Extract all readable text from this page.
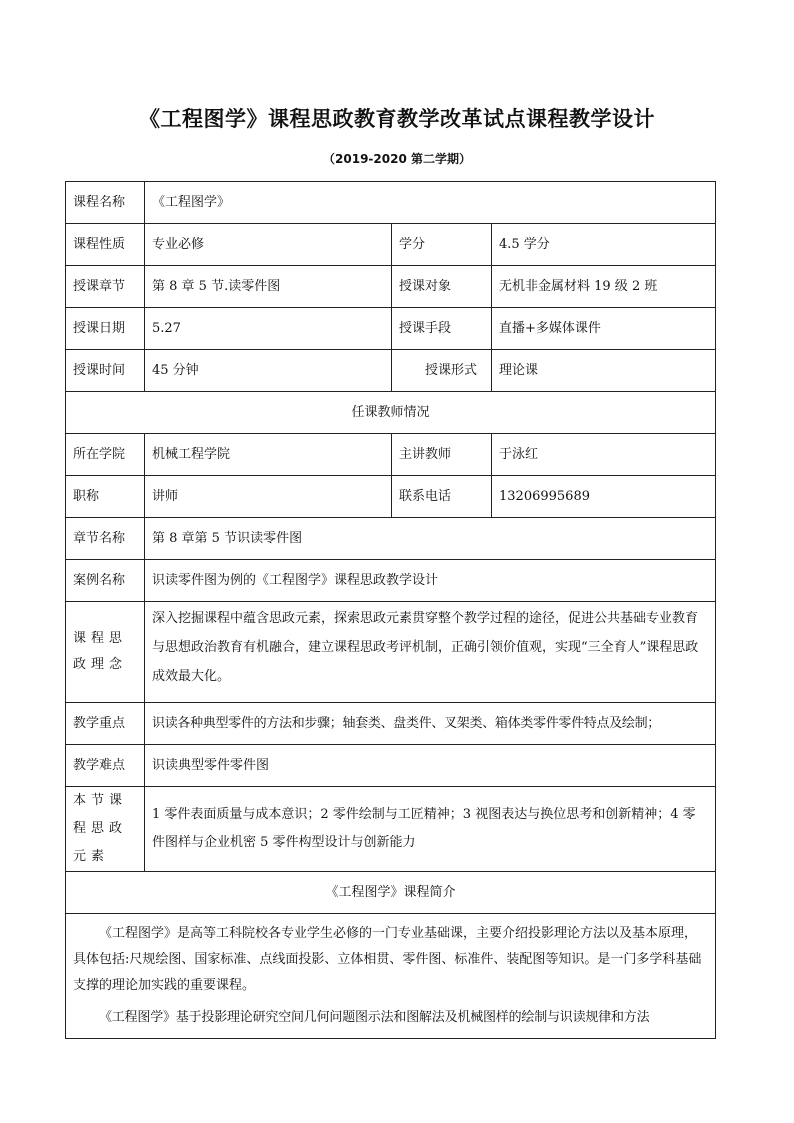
《工程图学》课程思政教育教学改革试点课程教学设计
（2019-2020 第二学期）
课程名称	《工程图学》		
课程性质	专业必修	学分	4.5 学分
授课章节	第 8 章 5 节.读零件图	授课对象	无机非金属材料 19 级 2 班
授课日期	5.27	授课手段	直播+多媒体课件
授课时间	45 分钟	授课形式	理论课
任课教师情况			
所在学院	机械工程学院	主讲教师	于泳红
职称	讲师	联系电话	13206995689
章节名称	第 8 章第 5 节识读零件图		
案例名称	识读零件图为例的《工程图学》课程思政教学设计		
课程思政理念	深入挖掘课程中蕴含思政元素，探索思政元素贯穿整个教学过程的途径，促进公共基础专业教育与思想政治教育有机融合，建立课程思政考评机制，正确引领价值观，实现“三全育人”课程思政成效最大化。		
教学重点	识读各种典型零件的方法和步骤；轴套类、盘类件、叉架类、箱体类零件零件特点及绘制；		
教学难点	识读典型零件零件图		
本节课程思政元素	1 零件表面质量与成本意识；2 零件绘制与工匠精神；3 视图表达与换位思考和创新精神；4 零件图样与企业机密 5 零件构型设计与创新能力		
《工程图学》课程简介			

《工程图学》是高等工科院校各专业学生必修的一门专业基础课，主要介绍投影理论方法以及基本原理，具体包括:尺规绘图、国家标准、点线面投影、立体相贯、零件图、标准件、装配图等知识。是一门多学科基础支撑的理论加实践的重要课程。

《工程图学》基于投影理论研究空间几何问题图示法和图解法及机械图样的绘制与识读规律和方法			
